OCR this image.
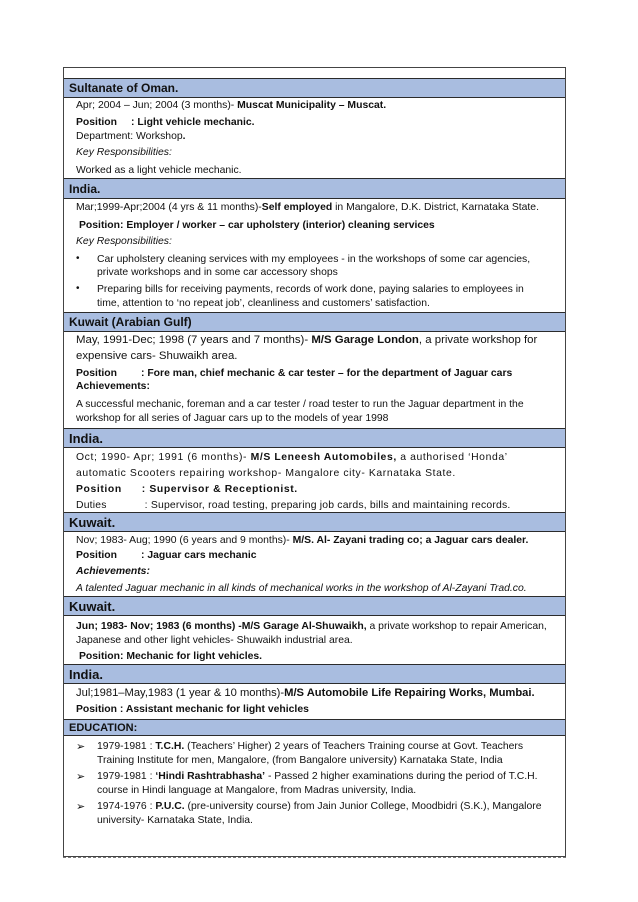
Sultanate of Oman.
Apr; 2004 – Jun; 2004 (3 months)- Muscat Municipality – Muscat.
Position : Light vehicle mechanic.
Department: Workshop.
Key Responsibilities:
Worked as a light vehicle mechanic.
India.
Mar;1999-Apr;2004 (4 yrs & 11 months)-Self employed in Mangalore, D.K. District, Karnataka State.
Position: Employer / worker – car upholstery (interior) cleaning services
Key Responsibilities:
• Car upholstery cleaning services with my employees - in the workshops of some car agencies,
private workshops and in some car accessory shops
• Preparing bills for receiving payments, records of work done, paying salaries to employees in
time, attention to ‘no repeat job’, cleanliness and customers’ satisfaction.
Kuwait (Arabian Gulf)
May, 1991-Dec; 1998 (7 years and 7 months)- M/S Garage London, a private workshop for
expensive cars- Shuwaikh area.
Position : Fore man, chief mechanic & car tester – for the department of Jaguar cars
Achievements:
A successful mechanic, foreman and a car tester / road tester to run the Jaguar department in the
workshop for all series of Jaguar cars up to the models of year 1998
India.
Oct; 1990- Apr; 1991 (6 months)- M/S Leneesh Automobiles, a authorised ‘Honda’
automatic Scooters repairing workshop- Mangalore city- Karnataka State.
Position : Supervisor & Receptionist.
Duties	: Supervisor, road testing, preparing job cards, bills and maintaining records.
Kuwait.
Nov; 1983- Aug; 1990 (6 years and 9 months)- M/S. Al- Zayani trading co; a Jaguar cars dealer.
Position : Jaguar cars mechanic
Achievements:
A talented Jaguar mechanic in all kinds of mechanical works in the workshop of Al-Zayani Trad.co.
Kuwait.
Jun; 1983- Nov; 1983 (6 months) -M/S Garage Al-Shuwaikh, a private workshop to repair American,
Japanese and other light vehicles- Shuwaikh industrial area.
Position: Mechanic for light vehicles.
India.
Jul;1981–May,1983 (1 year & 10 months)-M/S Automobile Life Repairing Works, Mumbai.
Position : Assistant mechanic for light vehicles
EDUCATION:
➢ 1979-1981 : T.C.H. (Teachers’ Higher) 2 years of Teachers Training course at Govt. Teachers
Training Institute for men, Mangalore, (from Bangalore university) Karnataka State, India
➢ 1979-1981 : ‘Hindi Rashtrabhasha’ - Passed 2 higher examinations during the period of T.C.H.
course in Hindi language at Mangalore, from Madras university, India.
➢ 1974-1976 : P.U.C. (pre-university course) from Jain Junior College, Moodbidri (S.K.), Mangalore
university- Karnataka State, India.
